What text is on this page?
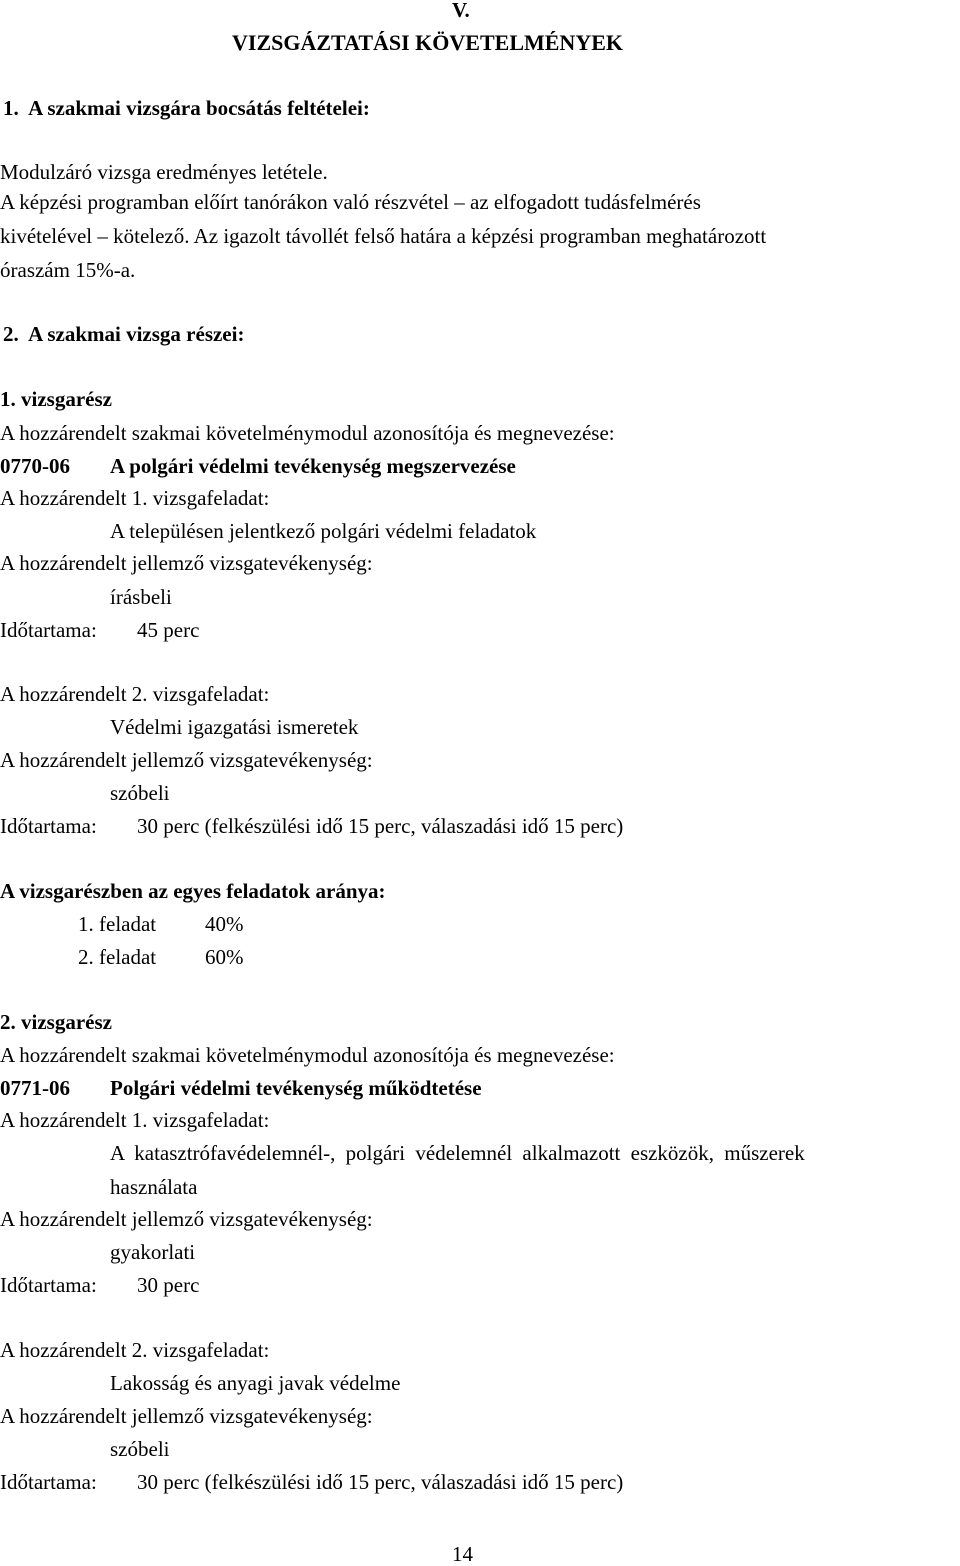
V.
VIZSGÁZTATÁSI KÖVETELMÉNYEK
1.  A szakmai vizsgára bocsátás feltételei:
Modulzáró vizsga eredményes letétele.
A képzési programban előírt tanórákon való részvétel – az elfogadott tudásfelmérés
kivételével – kötelező. Az igazolt távollét felső határa a képzési programban meghatározott
óraszám 15%-a.
2.  A szakmai vizsga részei:
1. vizsgarész
A hozzárendelt szakmai követelménymodul azonosítója és megnevezése:
0770-06 A polgári védelmi tevékenység megszervezése
A hozzárendelt 1. vizsgafeladat:
A településen jelentkező polgári védelmi feladatok
A hozzárendelt jellemző vizsgatevékenység:
írásbeli
Időtartama: 45 perc
A hozzárendelt 2. vizsgafeladat:
Védelmi igazgatási ismeretek
A hozzárendelt jellemző vizsgatevékenység:
szóbeli
Időtartama: 30 perc (felkészülési idő 15 perc, válaszadási idő 15 perc)
A vizsgarészben az egyes feladatok aránya:
1. feladat 40%
2. feladat 60%
2. vizsgarész
A hozzárendelt szakmai követelménymodul azonosítója és megnevezése:
0771-06 Polgári védelmi tevékenység működtetése
A hozzárendelt 1. vizsgafeladat:
A katasztrófavédelemnél-, polgári védelemnél alkalmazott eszközök, műszerek
használata
A hozzárendelt jellemző vizsgatevékenység:
gyakorlati
Időtartama: 30 perc
A hozzárendelt 2. vizsgafeladat:
Lakosság és anyagi javak védelme
A hozzárendelt jellemző vizsgatevékenység:
szóbeli
Időtartama: 30 perc (felkészülési idő 15 perc, válaszadási idő 15 perc)
14
